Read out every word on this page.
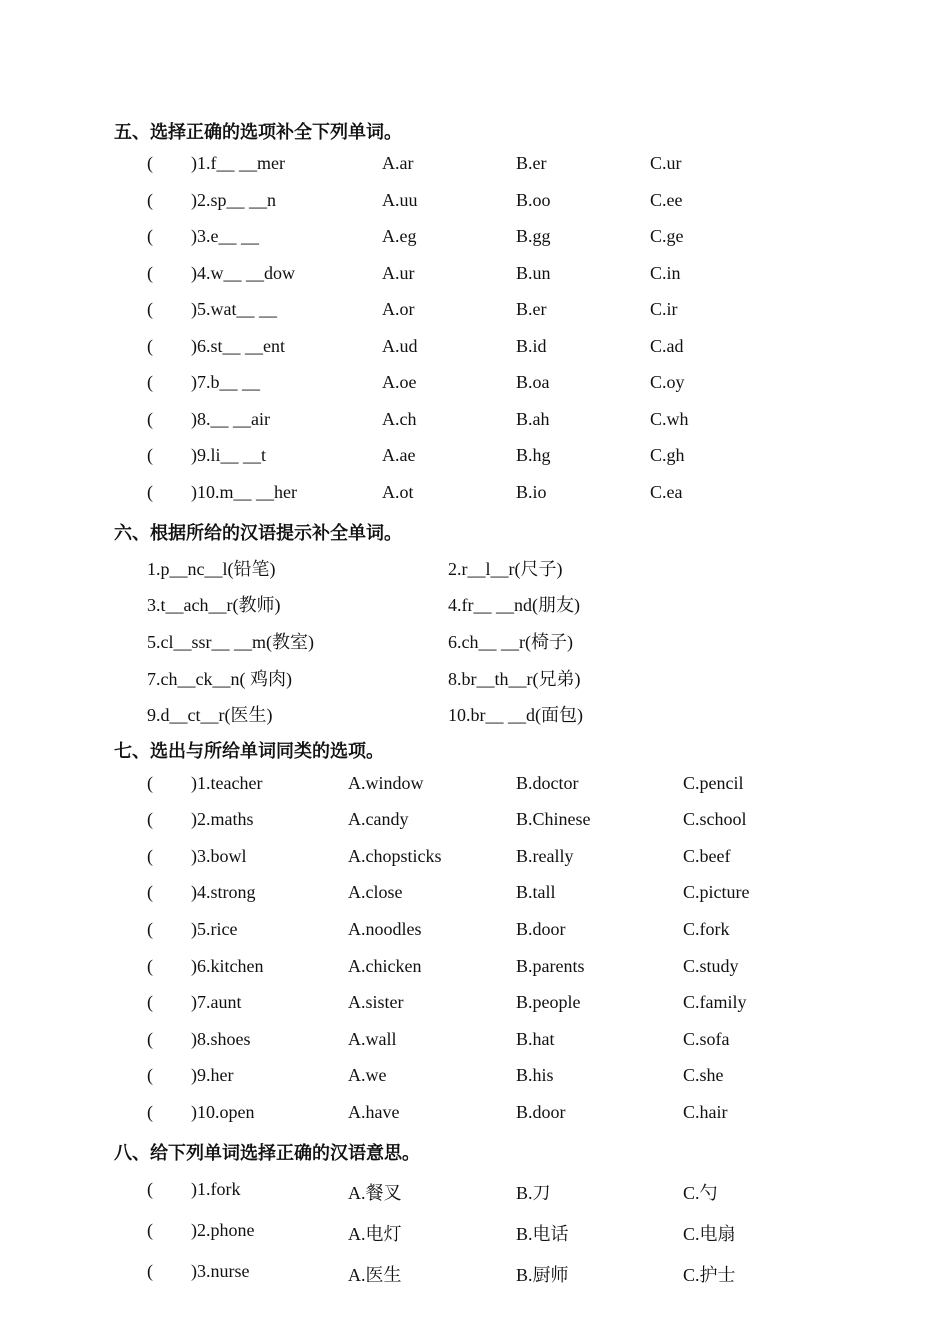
五、选择正确的选项补全下列单词。
( )1.f__ __mer	A.ar	B.er	C.ur
( )2.sp__ __n	A.uu	B.oo	C.ee
( )3.e__ __	A.eg	B.gg	C.ge
( )4.w__ __dow	A.ur	B.un	C.in
( )5.wat__ __	A.or	B.er	C.ir
( )6.st__ __ent	A.ud	B.id	C.ad
( )7.b__ __	A.oe	B.oa	C.oy
( )8.__ __air	A.ch	B.ah	C.wh
( )9.li__ __t	A.ae	B.hg	C.gh
( )10.m__ __her	A.ot	B.io	C.ea
六、根据所给的汉语提示补全单词。
1.p__nc__l(铅笔)	2.r__l__r(尺子)
3.t__ach__r(教师)	4.fr__ __nd(朋友)
5.cl__ssr__ __m(教室)	6.ch__ __r(椅子)
7.ch__ck__n( 鸡肉)	8.br__th__r(兄弟)
9.d__ct__r(医生)	10.br__ __d(面包)
七、选出与所给单词同类的选项。
( )1.teacher	A.window	B.doctor	C.pencil
( )2.maths	A.candy	B.Chinese	C.school
( )3.bowl	A.chopsticks	B.really	C.beef
( )4.strong	A.close	B.tall	C.picture
( )5.rice	A.noodles	B.door	C.fork
( )6.kitchen	A.chicken	B.parents	C.study
( )7.aunt	A.sister	B.people	C.family
( )8.shoes	A.wall	B.hat	C.sofa
( )9.her	A.we	B.his	C.she
( )10.open	A.have	B.door	C.hair
八、给下列单词选择正确的汉语意思。
( )1.fork	A.餐叉	B.刀	C.勺
( )2.phone	A.电灯	B.电话	C.电扇
( )3.nurse	A.医生	B.厨师	C.护士
